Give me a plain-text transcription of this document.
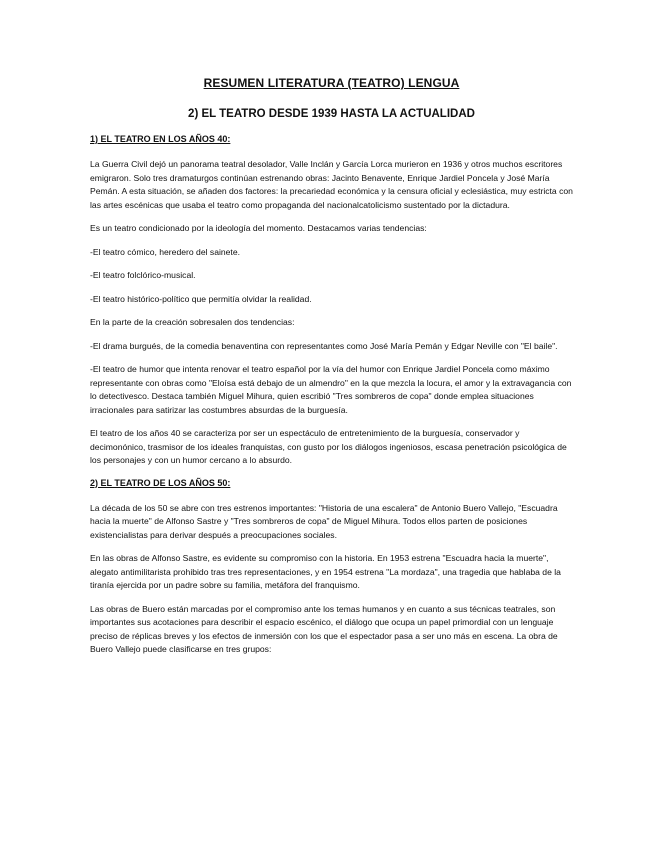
RESUMEN LITERATURA (TEATRO) LENGUA
2) EL TEATRO DESDE 1939 HASTA LA ACTUALIDAD
1) EL TEATRO EN LOS AÑOS 40:

La Guerra Civil dejó un panorama teatral desolador, Valle Inclán y García Lorca murieron en 1936 y otros muchos escritores emigraron. Solo tres dramaturgos continúan estrenando obras: Jacinto Benavente, Enrique Jardiel Poncela y José María Pemán. A esta situación, se añaden dos factores: la precariedad económica y la censura oficial y eclesiástica, muy estricta con las artes escénicas que usaba el teatro como propaganda del nacionalcatolicismo sustentado por la dictadura.

Es un teatro condicionado por la ideología del momento. Destacamos varias tendencias:

-El teatro cómico, heredero del sainete.

-El teatro folclórico-musical.

-El teatro histórico-político que permitía olvidar la realidad.

En la parte de la creación sobresalen dos tendencias:

-El drama burgués, de la comedia benaventina con representantes como José María Pemán y Edgar Neville con "El baile".

-El teatro de humor que intenta renovar el teatro español por la vía del humor con Enrique Jardiel Poncela como máximo representante con obras como "Eloísa está debajo de un almendro" en la que mezcla la locura, el amor y la extravagancia con lo detectivesco. Destaca también Miguel Mihura, quien escribió "Tres sombreros de copa" donde emplea situaciones irracionales para satirizar las costumbres absurdas de la burguesía.

El teatro de los años 40 se caracteriza por ser un espectáculo de entretenimiento de la burguesía, conservador y decimonónico, trasmisor de los ideales franquistas, con gusto por los diálogos ingeniosos, escasa penetración psicológica de los personajes y con un humor cercano a lo absurdo.

2) EL TEATRO DE LOS AÑOS 50:

La década de los 50 se abre con tres estrenos importantes: "Historia de una escalera" de Antonio Buero Vallejo, "Escuadra hacia la muerte" de Alfonso Sastre y "Tres sombreros de copa" de Miguel Mihura. Todos ellos parten de posiciones existencialistas para derivar después a preocupaciones sociales.

En las obras de Alfonso Sastre, es evidente su compromiso con la historia. En 1953 estrena "Escuadra hacia la muerte", alegato antimilitarista prohibido tras tres representaciones, y en 1954 estrena "La mordaza", una tragedia que hablaba de la tiranía ejercida por un padre sobre su familia, metáfora del franquismo.

Las obras de Buero están marcadas por el compromiso ante los temas humanos y en cuanto a sus técnicas teatrales, son importantes sus acotaciones para describir el espacio escénico, el diálogo que ocupa un papel primordial con un lenguaje preciso de réplicas breves y los efectos de inmersión con los que el espectador pasa a ser uno más en escena. La obra de Buero Vallejo puede clasificarse en tres grupos:
